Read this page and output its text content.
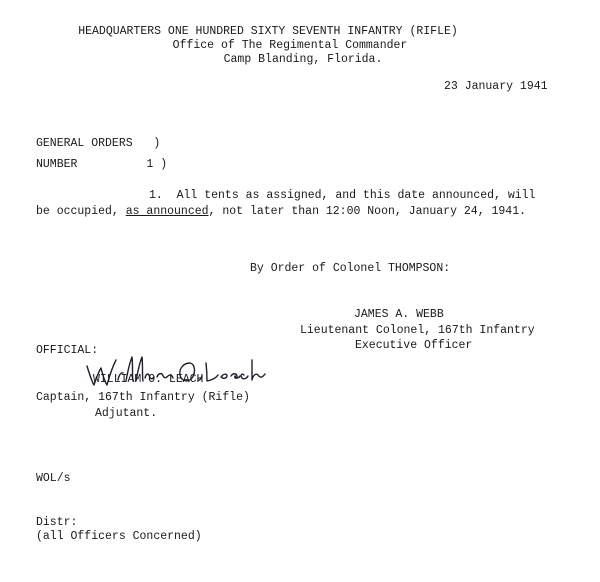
HEADQUARTERS ONE HUNDRED SIXTY SEVENTH INFANTRY (RIFLE)
Office of The Regimental Commander
Camp Blanding, Florida.
23 January 1941
GENERAL ORDERS   )
NUMBER          1 )
1.  All tents as assigned, and this date announced, will
be occupied, as announced, not later than 12:00 Noon, January 24, 1941.
By Order of Colonel THOMPSON:
JAMES A. WEBB
Lieutenant Colonel, 167th Infantry
Executive Officer
OFFICIAL:
WILLIAM O. LEACH
Captain, 167th Infantry (Rifle)
Adjutant.
WOL/s
Distr:
(all Officers Concerned)
